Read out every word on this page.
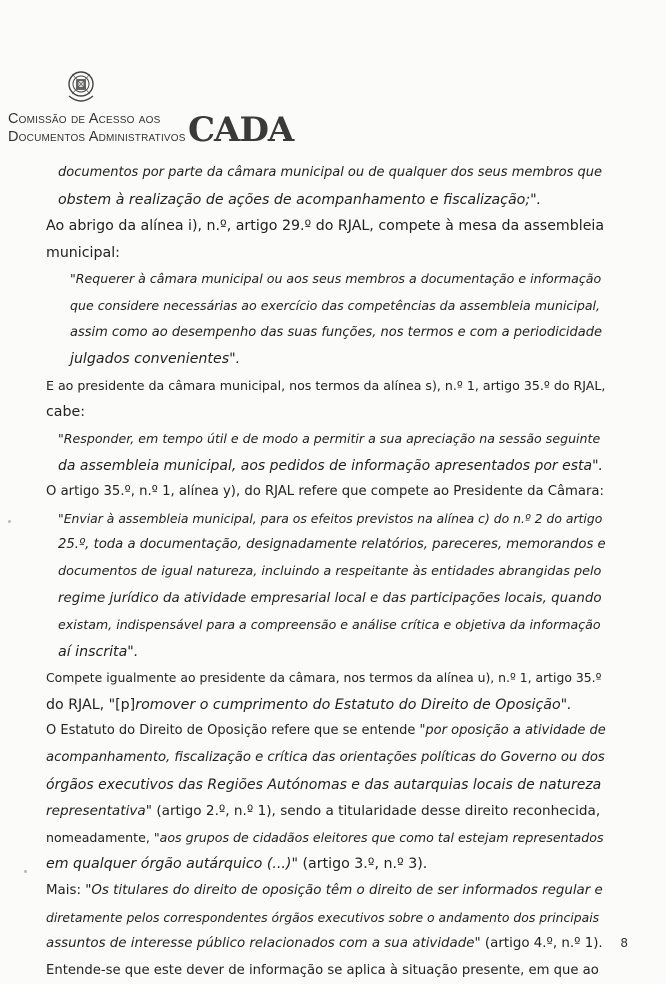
Comissão de Acesso aos
Documentos Administrativos CADA
documentos por parte da câmara municipal ou de qualquer dos seus membros que
obstem à realização de ações de acompanhamento e fiscalização;".
Ao abrigo da alínea i), n.º, artigo 29.º do RJAL, compete à mesa da assembleia
municipal:
"Requerer à câmara municipal ou aos seus membros a documentação e informação
que considere necessárias ao exercício das competências da assembleia municipal,
assim como ao desempenho das suas funções, nos termos e com a periodicidade
julgados convenientes".
E ao presidente da câmara municipal, nos termos da alínea s), n.º 1, artigo 35.º do RJAL,
cabe:
"Responder, em tempo útil e de modo a permitir a sua apreciação na sessão seguinte
da assembleia municipal, aos pedidos de informação apresentados por esta".
O artigo 35.º, n.º 1, alínea y), do RJAL refere que compete ao Presidente da Câmara:
"Enviar à assembleia municipal, para os efeitos previstos na alínea c) do n.º 2 do artigo
25.º, toda a documentação, designadamente relatórios, pareceres, memorandos e
documentos de igual natureza, incluindo a respeitante às entidades abrangidas pelo
regime jurídico da atividade empresarial local e das participações locais, quando
existam, indispensável para a compreensão e análise crítica e objetiva da informação
aí inscrita".
Compete igualmente ao presidente da câmara, nos termos da alínea u), n.º 1, artigo 35.º
do RJAL, "[p]romover o cumprimento do Estatuto do Direito de Oposição".
O Estatuto do Direito de Oposição refere que se entende "por oposição a atividade de
acompanhamento, fiscalização e crítica das orientações políticas do Governo ou dos
órgãos executivos das Regiões Autónomas e das autarquias locais de natureza
representativa" (artigo 2.º, n.º 1), sendo a titularidade desse direito reconhecida,
nomeadamente, "aos grupos de cidadãos eleitores que como tal estejam representados
em qualquer órgão autárquico (...)" (artigo 3.º, n.º 3).
Mais: "Os titulares do direito de oposição têm o direito de ser informados regular e
diretamente pelos correspondentes órgãos executivos sobre o andamento dos principais
assuntos de interesse público relacionados com a sua atividade" (artigo 4.º, n.º 1).
Entende-se que este dever de informação se aplica à situação presente, em que ao
8
